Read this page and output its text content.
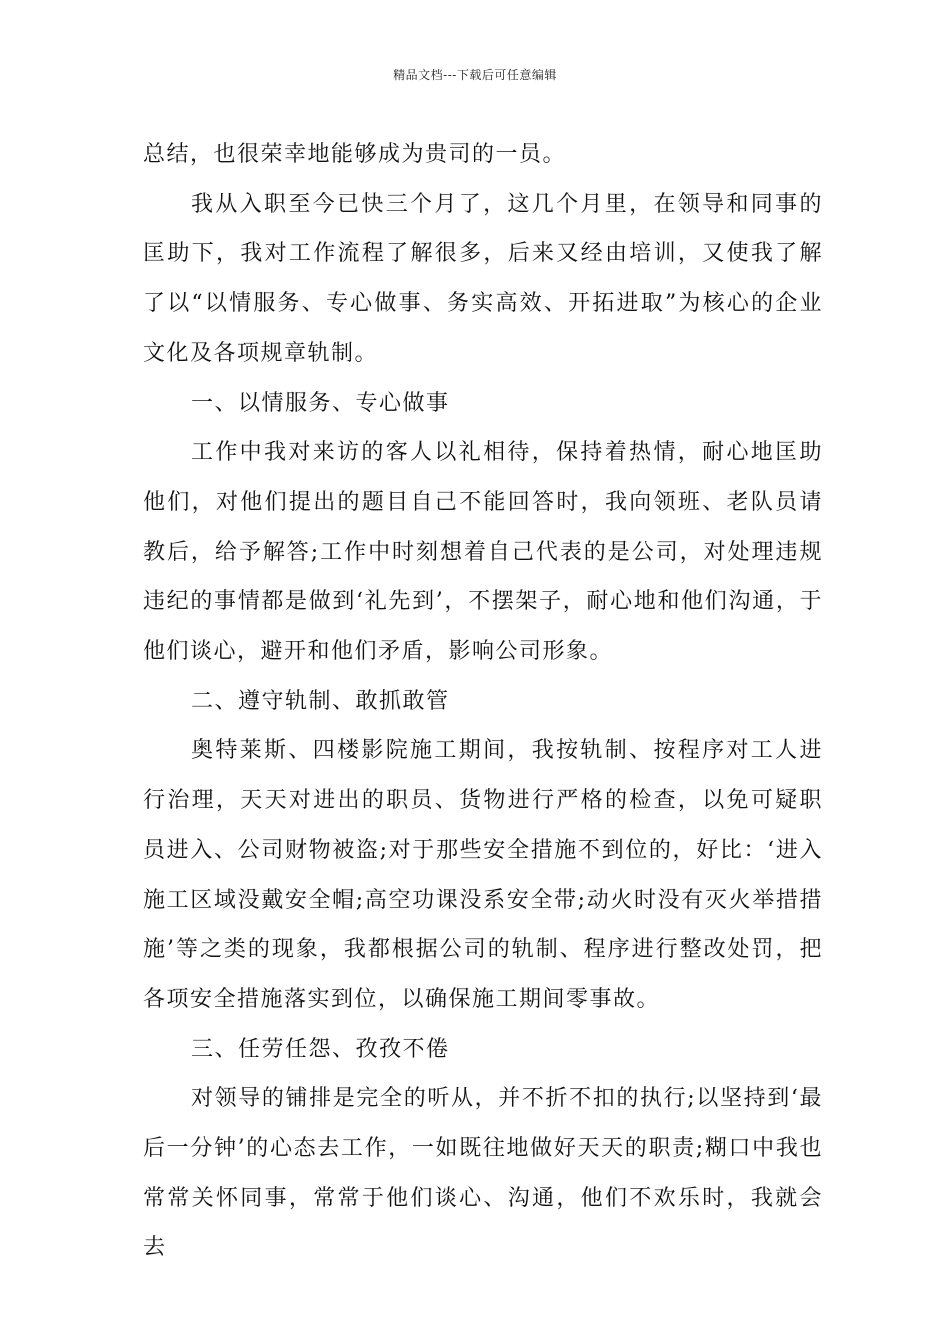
精品文档---下载后可任意编辑

总结，也很荣幸地能够成为贵司的一员。

我从入职至今已快三个月了，这几个月里，在领导和同事的匡助下，我对工作流程了解很多，后来又经由培训，又使我了解了以“以情服务、专心做事、务实高效、开拓进取”为核心的企业文化及各项规章轨制。

一、以情服务、专心做事

工作中我对来访的客人以礼相待，保持着热情，耐心地匡助他们，对他们提出的题目自己不能回答时，我向领班、老队员请教后，给予解答;工作中时刻想着自己代表的是公司，对处理违规违纪的事情都是做到‘礼先到’，不摆架子，耐心地和他们沟通，于他们谈心，避开和他们矛盾，影响公司形象。

二、遵守轨制、敢抓敢管

奥特莱斯、四楼影院施工期间，我按轨制、按程序对工人进行治理，天天对进出的职员、货物进行严格的检查，以免可疑职员进入、公司财物被盗;对于那些安全措施不到位的，好比：‘进入施工区域没戴安全帽;高空功课没系安全带;动火时没有灭火举措措施’等之类的现象，我都根据公司的轨制、程序进行整改处罚，把各项安全措施落实到位，以确保施工期间零事故。

三、任劳任怨、孜孜不倦

对领导的铺排是完全的听从，并不折不扣的执行;以坚持到‘最后一分钟’的心态去工作，一如既往地做好天天的职责;糊口中我也常常关怀同事，常常于他们谈心、沟通，他们不欢乐时，我就会去
